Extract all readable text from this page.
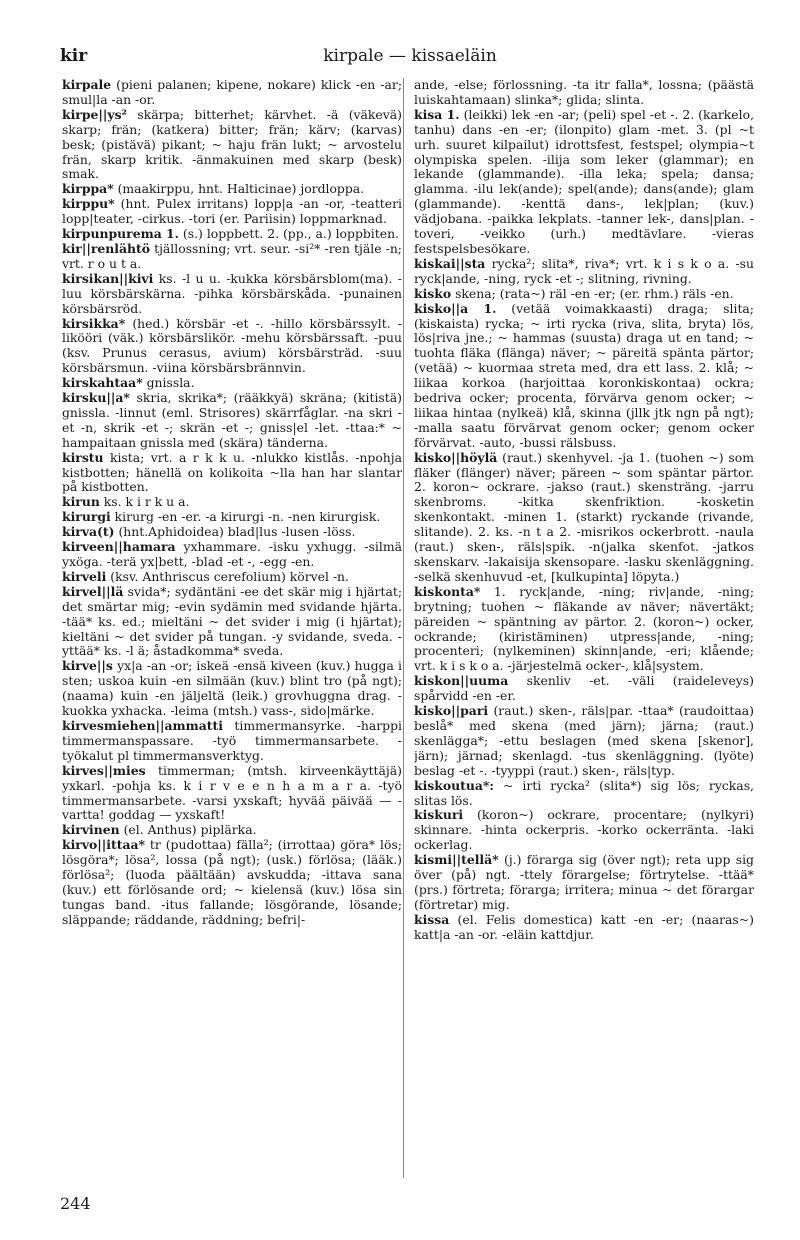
kir	kirpale — kissaeläin

kirpale (pieni palanen; kipene, nokare) klick -en -ar; smul|la -an -or.

kirpe||ys² skärpa; bitterhet; kärvhet. -ä (väkevä) skarp; frän; (katkera) bitter; frän; kärv; (karvas) besk; (pistävä) pikant; ~ haju frän lukt; ~ arvostelu frän, skarp kritik. -änmakuinen med skarp (besk) smak.

kirppa* (maakirppu, hnt. Halticinae) jordloppa.

kirppu* (hnt. Pulex irritans) lopp|a -an -or, -teatteri lopp|teater, -cirkus. -tori (er. Pariisin) loppmarknad.

kirpunpurema 1. (s.) loppbett. 2. (pp., a.) loppbiten.

kir||renlähtö tjällossning; vrt. seur. -si²* -ren tjäle -n; vrt. r o u t a.

kirsikan||kivi ks. -l u u. -kukka körsbärsblom(ma). -luu körsbärskärna. -pihka körsbärskåda. -punainen körsbärsröd.

kirsikka* (hed.) körsbär -et -. -hillo körsbärssylt. -likööri (väk.) körsbärslikör. -mehu körsbärssaft. -puu (ksv. Prunus cerasus, avium) körsbärsträd. -suu körsbärsmun. -viina körsbärsbrännvin.

kirskahtaa* gnissla.

kirsku||a* skria, skrika*; (rääkkyä) skräna; (kitistä) gnissla. -linnut (eml. Strisores) skärrfåglar. -na skri -et -n, skrik -et -; skrän -et -; gniss|el -let. -ttaa:* ~ hampaitaan gnissla med (skära) tänderna.

kirstu kista; vrt. a r k k u. -nlukko kistlås. -npohja kistbotten; hänellä on kolikoita ~lla han har slantar på kistbotten.

kirun ks. k i r k u a.

kirurgi kirurg -en -er. -a kirurgi -n. -nen kirurgisk.

kirva(t) (hnt.Aphidoidea) blad|lus -lusen -löss.

kirveen||hamara yxhammare. -isku yxhugg. -silmä yxöga. -terä yx|bett, -blad -et -, -egg -en.

kirveli (ksv. Anthriscus cerefolium) körvel -n.

kirvel||lä svida*; sydäntäni -ee det skär mig i hjärtat; det smärtar mig; -evin sydämin med svidande hjärta. -tää* ks. ed.; mieltäni ~ det svider i mig (i hjärtat); kieltäni ~ det svider på tungan. -y svidande, sveda. -yttää* ks. -l ä; åstadkomma* sveda.

kirve||s yx|a -an -or; iskeä -ensä kiveen (kuv.) hugga i sten; uskoa kuin -en silmään (kuv.) blint tro (på ngt); (naama) kuin -en jäljeltä (leik.) grovhuggna drag. -kuokka yxhacka. -leima (mtsh.) vass-, sido|märke.

kirvesmiehen||ammatti timmermansyrke. -harppi timmermanspassare. -työ timmermansarbete. -työkalut pl timmermansverktyg.

kirves||mies timmerman; (mtsh. kirveenkäyttäjä) yxkarl. -pohja ks. k i r v e e n h a m a r a. -työ timmermansarbete. -varsi yxskaft; hyvää päivää — -vartta! goddag — yxskaft!

kirvinen (el. Anthus) piplärka.

kirvo||ittaa* tr (pudottaa) fälla²; (irrottaa) göra* lös; lösgöra*; lösa², lossa (på ngt); (usk.) förlösa; (lääk.) förlösa²; (luoda päältään) avskudda; -ittava sana (kuv.) ett förlösande ord; ~ kielensä (kuv.) lösa sin tungas band. -itus fallande; lösgörande, lösande; släppande; räddande, räddning; befri|-

ande, -else; förlossning. -ta itr falla*, lossna; (päästä luiskahtamaan) slinka*; glida; slinta.

kisa 1. (leikki) lek -en -ar; (peli) spel -et -. 2. (karkelo, tanhu) dans -en -er; (ilonpito) glam -met. 3. (pl ~t urh. suuret kilpailut) idrottsfest, festspel; olympia~t olympiska spelen. -ilija som leker (glammar); en lekande (glammande). -illa leka; spela; dansa; glamma. -ilu lek(ande); spel(ande); dans(ande); glam (glammande). -kenttä dans-, lek|plan; (kuv.) vädjobana. -paikka lekplats. -tanner lek-, dans|plan. -toveri, -veikko (urh.) medtävlare. -vieras festspelsbesökare.

kiskai||sta rycka²; slita*, riva*; vrt. k i s k o a. -su ryck|ande, -ning, ryck -et -; slitning, rivning.

kisko skena; (rata~) räl -en -er; (er. rhm.) räls -en.

kisko||a 1. (vetää voimakkaasti) draga; slita; (kiskaista) rycka; ~ irti rycka (riva, slita, bryta) lös, lös|riva jne.; ~ hammas (suusta) draga ut en tand; ~ tuohta fläka (flänga) näver; ~ päreitä spänta pärtor; (vetää) ~ kuormaa streta med, dra ett lass. 2. klå; ~ liikaa korkoa (harjoittaa koronkiskontaa) ockra; bedriva ocker; procenta, förvärva genom ocker; ~ liikaa hintaa (nylkeä) klå, skinna (jllk jtk ngn på ngt); -malla saatu förvärvat genom ocker; genom ocker förvärvat. -auto, -bussi rälsbuss.

kisko||höylä (raut.) skenhyvel. -ja 1. (tuohen ~) som fläker (flänger) näver; päreen ~ som späntar pärtor. 2. koron~ ockrare. -jakso (raut.) skensträng. -jarru skenbroms. -kitka skenfriktion. -kosketin skenkontakt. -minen 1. (starkt) ryckande (rivande, slitande). 2. ks. -n t a 2. -misrikos ockerbrott. -naula (raut.) sken-, räls|spik. -n(jalka skenfot. -jatkos skenskarv. -lakaisija skensopare. -lasku skenläggning. -selkä skenhuvud -et, [kulkupinta] löpyta.)

kiskonta* 1. ryck|ande, -ning; riv|ande, -ning; brytning; tuohen ~ fläkande av näver; nävertäkt; päreiden ~ späntning av pärtor. 2. (koron~) ocker, ockrande; (kiristäminen) utpress|ande, -ning; procenteri; (nylkeminen) skinn|ande, -eri; klående; vrt. k i s k o a. -järjestelmä ocker-, klå|system.

kiskon||uuma skenliv -et. -väli (raideleveys) spårvidd -en -er.

kisko||pari (raut.) sken-, räls|par. -ttaa* (raudoittaa) beslå* med skena (med järn); järna; (raut.) skenlägga*; -ettu beslagen (med skena [skenor], järn); järnad; skenlagd. -tus skenläggning. (lyöte) beslag -et -. -tyyppi (raut.) sken-, räls|typ.

kiskoutua*: ~ irti rycka² (slita*) sig lös; ryckas, slitas lös.

kiskuri (koron~) ockrare, procentare; (nylkyri) skinnare. -hinta ockerpris. -korko ockerränta. -laki ockerlag.

kismi||tellä* (j.) förarga sig (över ngt); reta upp sig över (på) ngt. -ttely förargelse; förtrytelse. -ttää* (prs.) förtreta; förarga; irritera; minua ~ det förargar (förtretar) mig.

kissa (el. Felis domestica) katt -en -er; (naaras~) katt|a -an -or. -eläin kattdjur.

244
